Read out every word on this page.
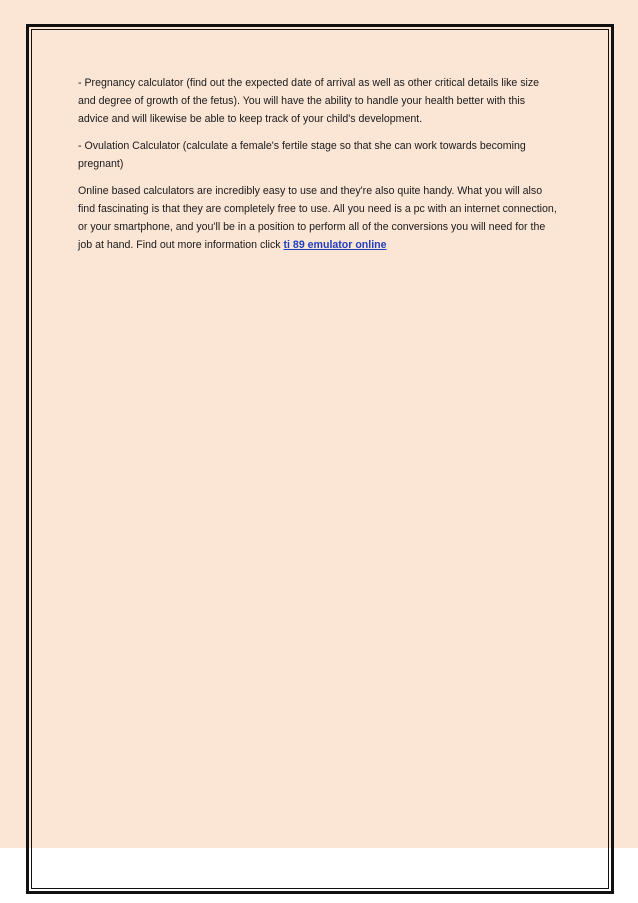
- Pregnancy calculator (find out the expected date of arrival as well as other critical details like size and degree of growth of the fetus). You will have the ability to handle your health better with this advice and will likewise be able to keep track of your child's development.

- Ovulation Calculator (calculate a female's fertile stage so that she can work towards becoming pregnant)

Online based calculators are incredibly easy to use and they're also quite handy. What you will also find fascinating is that they are completely free to use. All you need is a pc with an internet connection, or your smartphone, and you'll be in a position to perform all of the conversions you will need for the job at hand. Find out more information click ti 89 emulator online
